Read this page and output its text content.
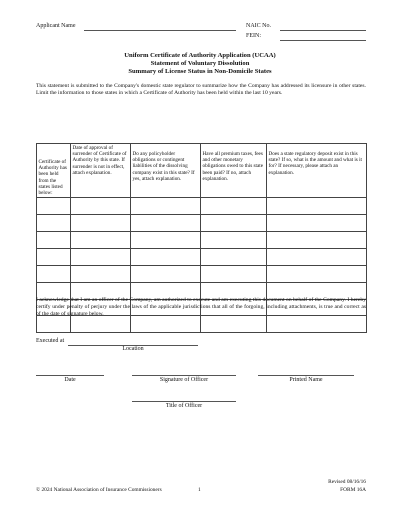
Applicant Name	NAIC No.
FEIN:
Uniform Certificate of Authority Application (UCAA)
Statement of Voluntary Dissolution
Summary of License Status in Non-Domicile States
This statement is submitted to the Company's domestic state regulator to summarize how the Company has addressed its licensure in other states. Limit the information to those states in which a Certificate of Authority has been held within the last 10 years.
Certificate of Authority has been held from the states listed below:	Date of approval of surrender of Certificate of Authority by this state. If surrender is not in effect, attach explanation.	Do any policyholder obligations or contingent liabilities of the dissolving company exist in this state? If yes, attach explanation.	Have all premium taxes, fees and other monetary obligations owed to this state been paid? If no, attach explanation.	Does a state regulatory deposit exist in this state? If so, what is the amount and what is it for? If necessary, please attach an explanation.

I acknowledge that I am an officer of the Company, am authorized to execute and am executing this document on behalf of the Company. I hereby certify under penalty of perjury under the laws of the applicable jurisdictions that all of the forgoing, including attachments, is true and correct as of the date of signature below.
Executed at
Location
Date	Signature of Officer	Printed Name
Title of Officer
Revised 08/16/16
© 2024 National Association of Insurance Commissioners	1	FORM 16A
